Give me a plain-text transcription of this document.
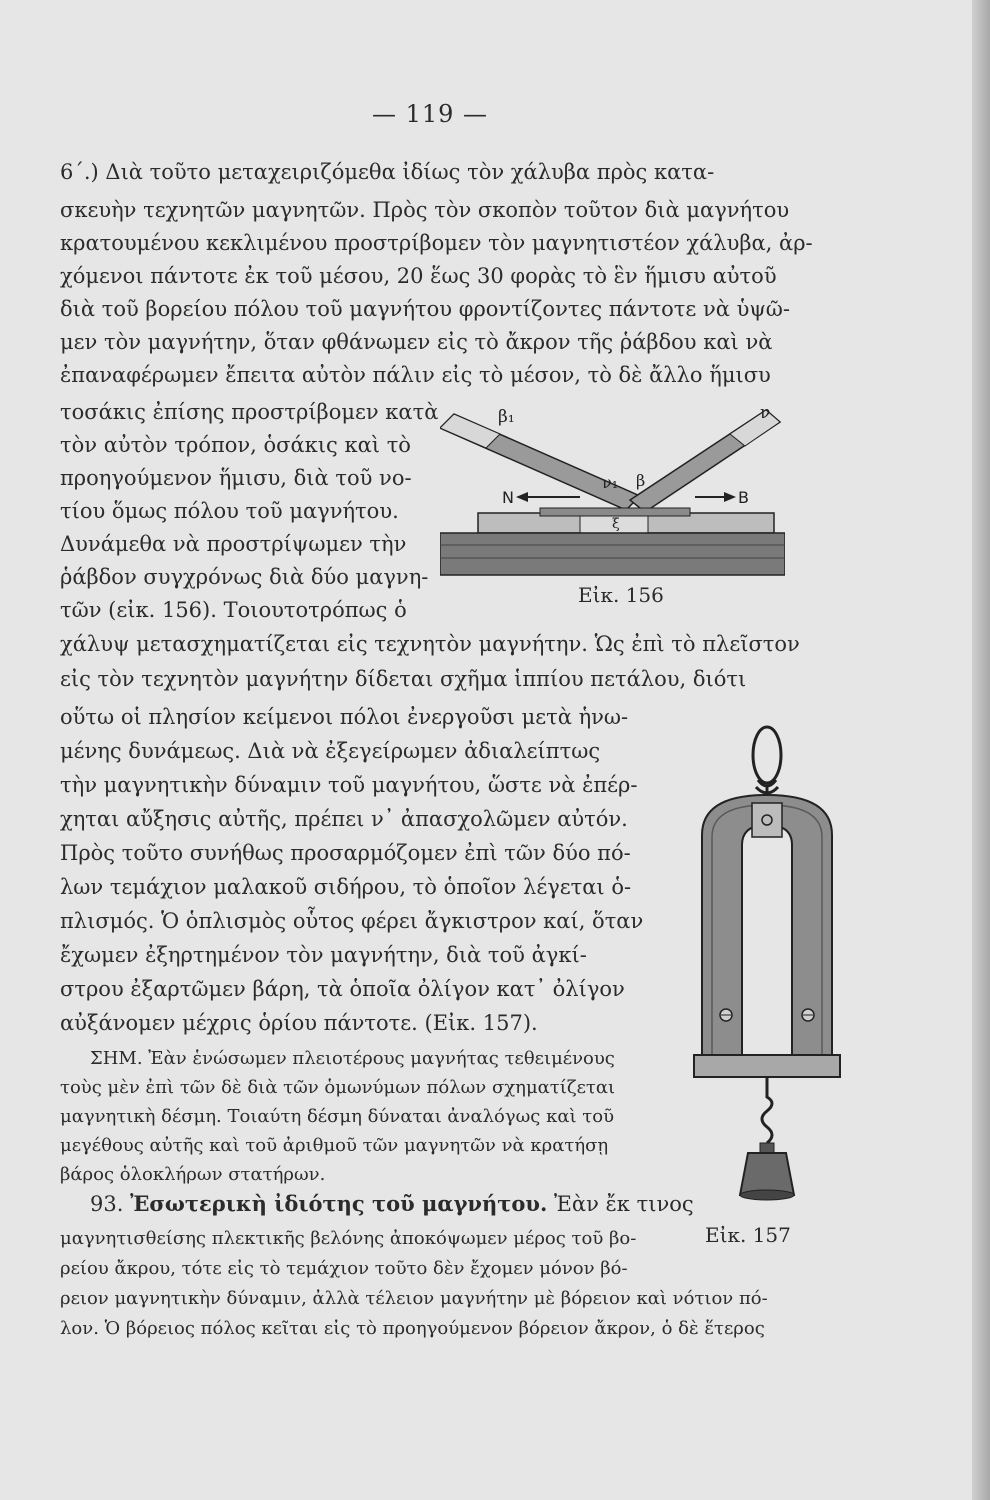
— 119 —
6΄.) Διὰ τοῦτο μεταχειριζόμεθα ἰδίως τὸν χάλυβα πρὸς κατα-
σκευὴν τεχνητῶν μαγνητῶν. Πρὸς τὸν σκοπὸν τοῦτον διὰ μαγνήτου
κρατουμένου κεκλιμένου προστρίβομεν τὸν μαγνητιστέον χάλυβα, ἀρ-
χόμενοι πάντοτε ἐκ τοῦ μέσου, 20 ἕως 30 φορὰς τὸ ἓν ἥμισυ αὐτοῦ
διὰ τοῦ βορείου πόλου τοῦ μαγνήτου φροντίζοντες πάντοτε νὰ ὑψῶ-
μεν τὸν μαγνήτην, ὅταν φθάνωμεν εἰς τὸ ἄκρον τῆς ῥάβδου καὶ νὰ
ἐπαναφέρωμεν ἔπειτα αὐτὸν πάλιν εἰς τὸ μέσον, τὸ δὲ ἄλλο ἥμισυ
τοσάκις ἐπίσης προστρίβομεν κατὰ
τὸν αὐτὸν τρόπον, ὁσάκις καὶ τὸ
προηγούμενον ἥμισυ, διὰ τοῦ νο-
τίου ὅμως πόλου τοῦ μαγνήτου.
Δυνάμεθα νὰ προστρίψωμεν τὴν
ῥάβδον συγχρόνως διὰ δύο μαγνη-
τῶν (εἰκ. 156). Τοιουτοτρόπως ὁ
β₁	ν
ν₁ β
N	B
ξ
Εἰκ. 156
χάλυψ μετασχηματίζεται εἰς τεχνητὸν μαγνήτην. Ὡς ἐπὶ τὸ πλεῖστον
εἰς τὸν τεχνητὸν μαγνήτην δίδεται σχῆμα ἱππίου πετάλου, διότι
οὕτω οἱ πλησίον κείμενοι πόλοι ἐνεργοῦσι μετὰ ἡνω-
μένης δυνάμεως. Διὰ νὰ ἐξεγείρωμεν ἀδιαλείπτως
τὴν μαγνητικὴν δύναμιν τοῦ μαγνήτου, ὥστε νὰ ἐπέρ-
χηται αὔξησις αὐτῆς, πρέπει ν᾽ ἀπασχολῶμεν αὐτόν.
Πρὸς τοῦτο συνήθως προσαρμόζομεν ἐπὶ τῶν δύο πό-
λων τεμάχιον μαλακοῦ σιδήρου, τὸ ὁποῖον λέγεται ὁ-
πλισμός. Ὁ ὁπλισμὸς οὗτος φέρει ἄγκιστρον καί, ὅταν
ἔχωμεν ἐξηρτημένον τὸν μαγνήτην, διὰ τοῦ ἀγκί-
στρου ἐξαρτῶμεν βάρη, τὰ ὁποῖα ὀλίγον κατ᾽ ὀλίγον
αὐξάνομεν μέχρις ὁρίου πάντοτε. (Εἰκ. 157).
ΣΗΜ. Ἐὰν ἑνώσωμεν πλειοτέρους μαγνήτας τεθειμένους
τοὺς μὲν ἐπὶ τῶν δὲ διὰ τῶν ὁμωνύμων πόλων σχηματίζεται
μαγνητικὴ δέσμη. Τοιαύτη δέσμη δύναται ἀναλόγως καὶ τοῦ
μεγέθους αὐτῆς καὶ τοῦ ἀριθμοῦ τῶν μαγνητῶν νὰ κρατήσῃ
βάρος ὁλοκλήρων στατήρων.
Εἰκ. 157
93. Ἐσωτερικὴ ἰδιότης τοῦ μαγνήτου. Ἐὰν ἔκ τινος
μαγνητισθείσης πλεκτικῆς βελόνης ἀποκόψωμεν μέρος τοῦ βο-
ρείου ἄκρου, τότε εἰς τὸ τεμάχιον τοῦτο δὲν ἔχομεν μόνον βό-
ρειον μαγνητικὴν δύναμιν, ἀλλὰ τέλειον μαγνήτην μὲ βόρειον καὶ νότιον πό-
λον. Ὁ βόρειος πόλος κεῖται εἰς τὸ προηγούμενον βόρειον ἄκρον, ὁ δὲ ἕτερος
